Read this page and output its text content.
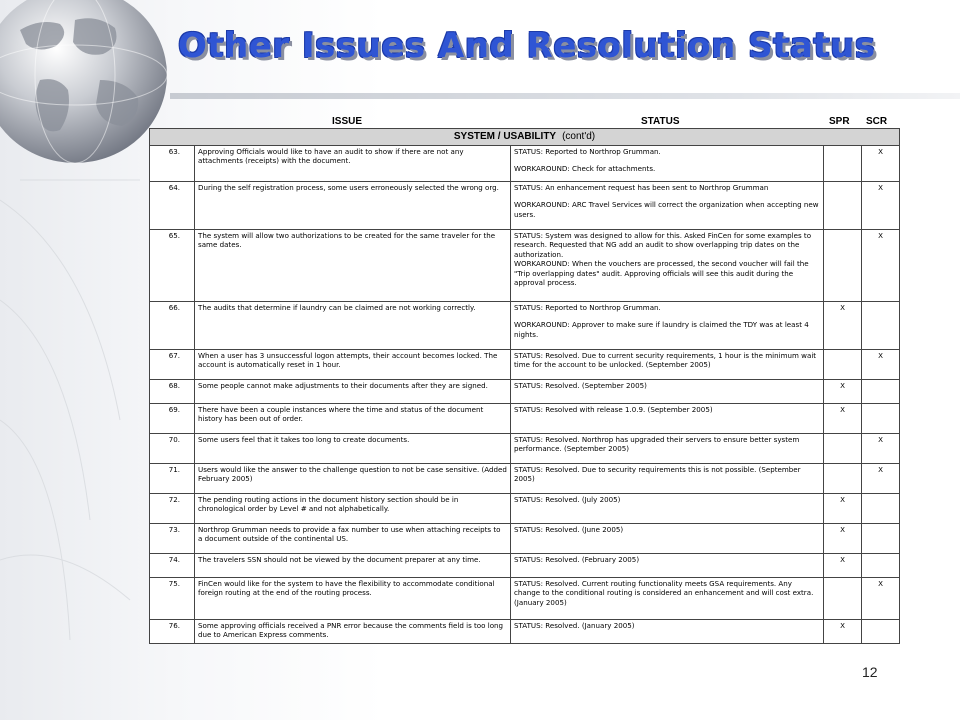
Other Issues And Resolution Status
ISSUE	STATUS	SPR SCR
SYSTEM / USABILITY (cont'd)				
63.	Approving Officials would like to have an audit to show if there are not any attachments (receipts) with the document.	STATUS: Reported to Northrop Grumman.
WORKAROUND: Check for attachments.		X
64.	During the self registration process, some users erroneously selected the wrong org.	STATUS: An enhancement request has been sent to Northrop Grumman
WORKAROUND: ARC Travel Services will correct the organization when accepting new users.		X
65.	The system will allow two authorizations to be created for the same traveler for the same dates.	STATUS: System was designed to allow for this. Asked FinCen for some examples to research. Requested that NG add an audit to show overlapping trip dates on the authorization.
WORKAROUND: When the vouchers are processed, the second voucher will fail the "Trip overlapping dates" audit. Approving officials will see this audit during the approval process.		X
66.	The audits that determine if laundry can be claimed are not working correctly.	STATUS: Reported to Northrop Grumman.
WORKAROUND: Approver to make sure if laundry is claimed the TDY was at least 4 nights.	X	
67.	When a user has 3 unsuccessful logon attempts, their account becomes locked. The account is automatically reset in 1 hour.	STATUS: Resolved. Due to current security requirements, 1 hour is the minimum wait time for the account to be unlocked. (September 2005)		X
68.	Some people cannot make adjustments to their documents after they are signed.	STATUS: Resolved. (September 2005)	X	
69.	There have been a couple instances where the time and status of the document history has been out of order.	STATUS: Resolved with release 1.0.9. (September 2005)	X	
70.	Some users feel that it takes too long to create documents.	STATUS: Resolved. Northrop has upgraded their servers to ensure better system performance. (September 2005)		X
71.	Users would like the answer to the challenge question to not be case sensitive. (Added February 2005)	STATUS: Resolved. Due to security requirements this is not possible. (September 2005)		X
72.	The pending routing actions in the document history section should be in chronological order by Level # and not alphabetically.	STATUS: Resolved. (July 2005)	X	
73.	Northrop Grumman needs to provide a fax number to use when attaching receipts to a document outside of the continental US.	STATUS: Resolved. (June 2005)	X	
74.	The travelers SSN should not be viewed by the document preparer at any time.	STATUS: Resolved. (February 2005)	X	
75.	FinCen would like for the system to have the flexibility to accommodate conditional foreign routing at the end of the routing process.	STATUS: Resolved. Current routing functionality meets GSA requirements. Any change to the conditional routing is considered an enhancement and will cost extra. (January 2005)		X
76.	Some approving officials received a PNR error because the comments field is too long due to American Express comments.	STATUS: Resolved. (January 2005)	X	
12
